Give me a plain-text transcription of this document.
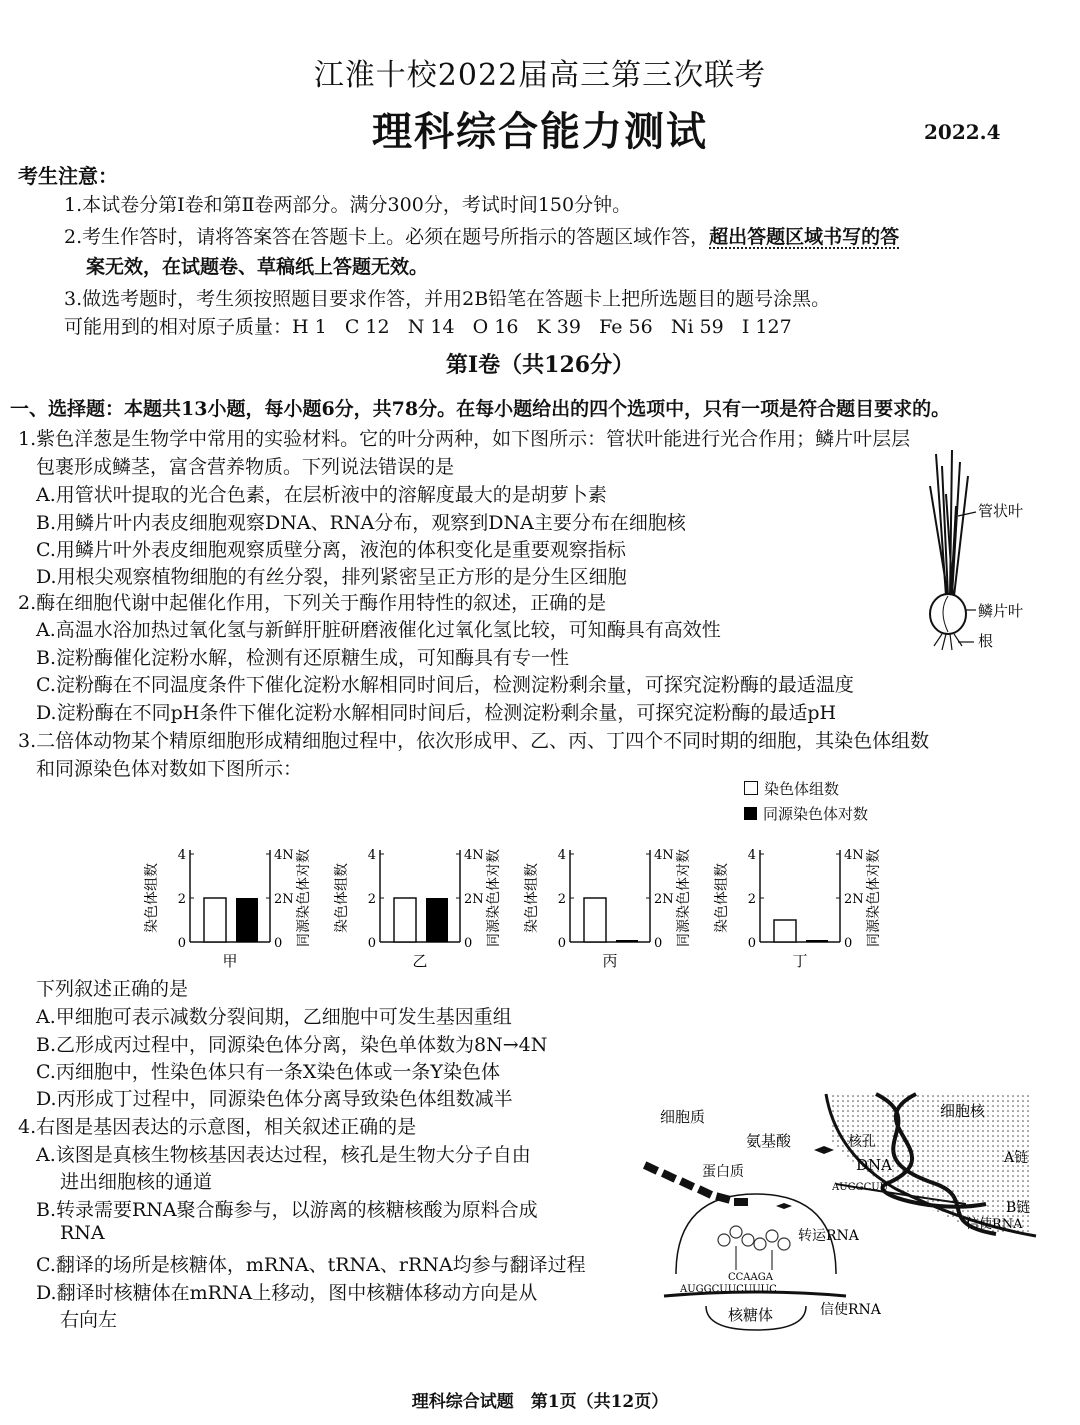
江淮十校2022届高三第三次联考
理科综合能力测试	2022.4
考生注意：
1.本试卷分第Ⅰ卷和第Ⅱ卷两部分。满分300分，考试时间150分钟。
2.考生作答时，请将答案答在答题卡上。必须在题号所指示的答题区域作答，超出答题区域书写的答
案无效，在试题卷、草稿纸上答题无效。
3.做选考题时，考生须按照题目要求作答，并用2B铅笔在答题卡上把所选题目的题号涂黑。
可能用到的相对原子质量：H 1   C 12   N 14   O 16   K 39   Fe 56   Ni 59   I 127
第Ⅰ卷（共126分）
一、选择题：本题共13小题，每小题6分，共78分。在每小题给出的四个选项中，只有一项是符合题目要求的。
1.紫色洋葱是生物学中常用的实验材料。它的叶分两种，如下图所示：管状叶能进行光合作用；鳞片叶层层
包裹形成鳞茎，富含营养物质。下列说法错误的是
A.用管状叶提取的光合色素，在层析液中的溶解度最大的是胡萝卜素
B.用鳞片叶内表皮细胞观察DNA、RNA分布，观察到DNA主要分布在细胞核
C.用鳞片叶外表皮细胞观察质壁分离，液泡的体积变化是重要观察指标
D.用根尖观察植物细胞的有丝分裂，排列紧密呈正方形的是分生区细胞
管状叶
鳞片叶
根
2.酶在细胞代谢中起催化作用，下列关于酶作用特性的叙述，正确的是
A.高温水浴加热过氧化氢与新鲜肝脏研磨液催化过氧化氢比较，可知酶具有高效性
B.淀粉酶催化淀粉水解，检测有还原糖生成，可知酶具有专一性
C.淀粉酶在不同温度条件下催化淀粉水解相同时间后，检测淀粉剩余量，可探究淀粉酶的最适温度
D.淀粉酶在不同pH条件下催化淀粉水解相同时间后，检测淀粉剩余量，可探究淀粉酶的最适pH
3.二倍体动物某个精原细胞形成精细胞过程中，依次形成甲、乙、丙、丁四个不同时期的细胞，其染色体组数
和同源染色体对数如下图所示：
染色体组数
同源染色体对数
染色体组数	同源染色体对数
0	0
2	2N
4	4N
甲
染色体组数	同源染色体对数
0	0
2	2N
4	4N
乙
染色体组数	同源染色体对数
0	0
2	2N
4	4N
丙
染色体组数	同源染色体对数
0	0
2	2N
4	4N
丁
下列叙述正确的是
A.甲细胞可表示减数分裂间期，乙细胞中可发生基因重组
B.乙形成丙过程中，同源染色体分离，染色单体数为8N→4N
C.丙细胞中，性染色体只有一条X染色体或一条Y染色体
D.丙形成丁过程中，同源染色体分离导致染色体组数减半
4.右图是基因表达的示意图，相关叙述正确的是
A.该图是真核生物核基因表达过程，核孔是生物大分子自由
进出细胞核的通道
B.转录需要RNA聚合酶参与，以游离的核糖核酸为原料合成
RNA
C.翻译的场所是核糖体，mRNA、tRNA、rRNA均参与翻译过程
D.翻译时核糖体在mRNA上移动，图中核糖体移动方向是从
右向左
细胞质	细胞核
氨基酸	核孔
DNA	A链
B链
信使RNA
AUGGCUU
蛋白质
CCAAGA
转运RNA
AUGGCUUCUUUC
核糖体	信使RNA
理科综合试题　第1页（共12页）
